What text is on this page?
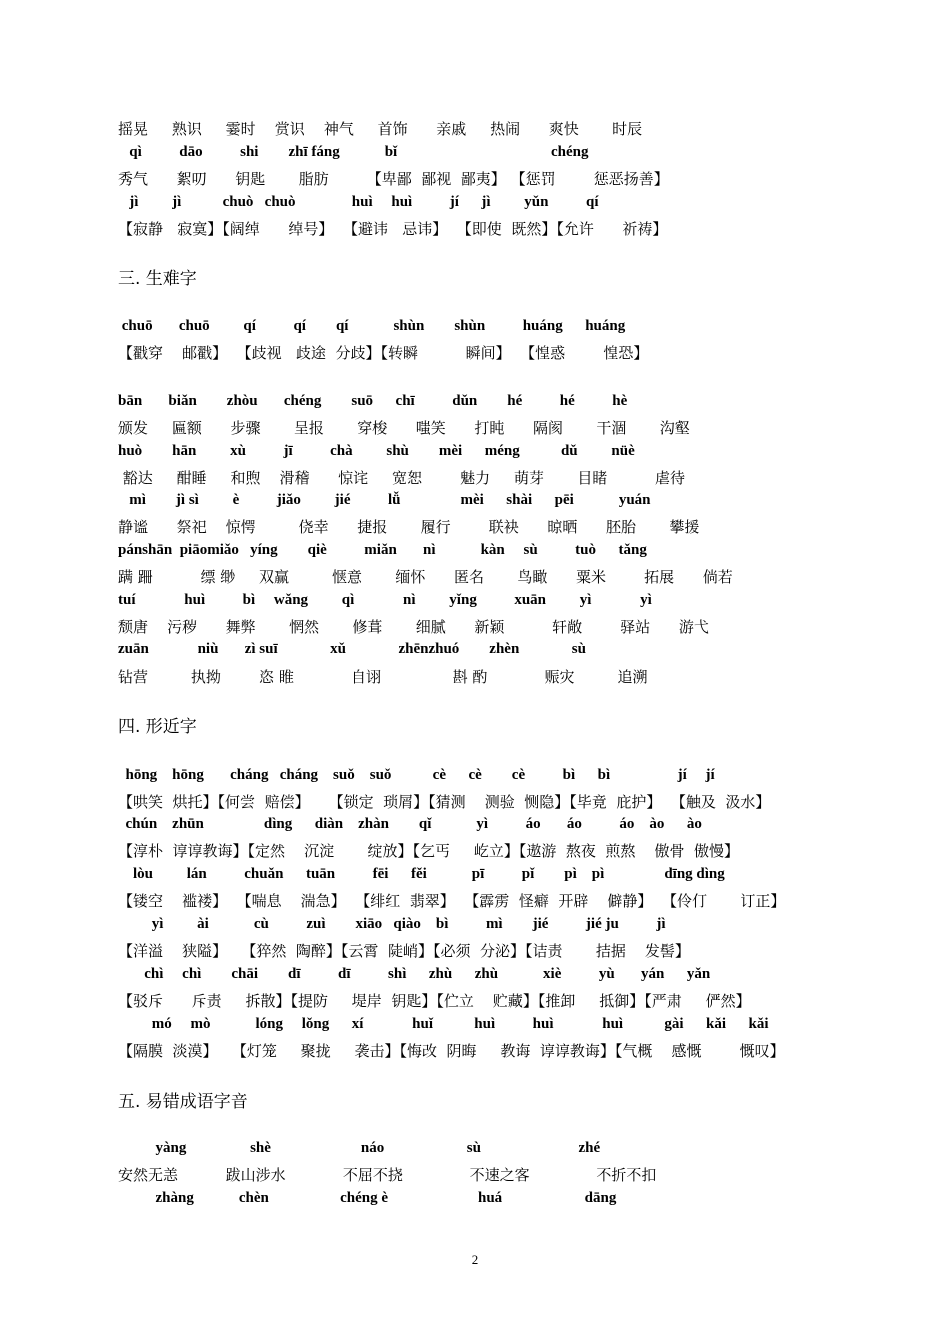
摇晃     熟识     霎时    赏识    神气     首饰      亲戚     热闹      爽快       时辰
qì          dāo          shi        zhī fáng            bǐ                                         chéng
秀气      絮叨      钥匙       脂肪        【卑鄙  鄙视  鄙夷】 【惩罚        惩恶扬善】
jì         jì           chuò   chuò               huì     huì          jí      jì         yǔn          qí
【寂静   寂寞】【阔绰      绰号】  【避讳   忌讳】  【即使  既然】【允许      祈祷】
三. 生难字
chuō       chuō         qí          qí        qí            shùn        shùn          huáng      huáng
【戳穿    邮戳】  【歧视   歧途  分歧】【转瞬          瞬间】  【惶惑        惶恐】
bān       biǎn        zhòu       chéng        suō      chī          dǔn        hé          hé          hè
颁发     匾额      步骤       呈报       穿梭      嗤笑      打盹      隔阂       干涸       沟壑
huò        hān         xù          jī          chà         shù        mèi      méng           dǔ         nüè
豁达     酣睡     和煦    滑稽      惊诧     宽恕        魅力     萌芽       目睹          虐待
mì        jì sì         è          jiǎo         jié          lǚ                mèi      shài      pēi            yuán
静谧      祭祀    惊愕         侥幸      捷报       履行        联袂      晾晒      胚胎       攀援
pánshān  piāomiǎo   yíng        qiè          miǎn       nì            kàn     sù          tuò      tǎng
蹒 跚          缥 缈     双赢         惬意       缅怀      匿名       鸟瞰      粟米        拓展      倘若
tuí             huì          bì     wǎng         qì             nì         yǐng          xuān         yì             yì
颓唐    污秽      舞弊       惘然       修葺       细腻      新颖          轩敞        驿站      游弋
zuān             niù       zì suī              xǔ              zhēnzhuó        zhèn              sù
钻营         执拗        恣 睢            自诩               斟 酌            赈灾         追溯
四. 形近字
hōng    hōng       cháng   cháng    suǒ    suǒ           cè      cè        cè          bì      bì                  jí     jí
【哄笑  烘托】【何尝  赔偿】    【锁定  琐屑】【猜测    测验  恻隐】【毕竟  庇护】  【触及  汲水】
chún    zhūn                dìng      diàn    zhàn        qǐ            yì          áo       áo          áo    ào      ào
【淳朴  谆谆教诲】【定然    沉淀       绽放】【乞丐     屹立】【遨游  熬夜  煎熬    傲骨  傲慢】
lòu         lán          chuǎn      tuān          fēi      fěi            pī          pǐ        pì    pì                dīng dìng
【镂空    褴褛】  【喘息    湍急】  【绯红  翡翠】  【霹雳  怪癖  开辟    僻静】  【伶仃       订正】
yì         ài            cù          zuì        xiāo   qiào    bì          mì        jié          jié ju          jì
【洋溢    狭隘】   【猝然  陶醉】【云霄  陡峭】【必须  分泌】【诘责       拮据    发髻】
chì     chì        chāi        dī          dī          shì      zhù      zhù            xiè          yù       yán      yǎn
【驳斥      斥责     拆散】【提防     堤岸  钥匙】【伫立    贮藏】【推卸     抵御】【严肃     俨然】
mó     mò            lóng     lǒng      xí             huǐ           huì          huì             huì           gài      kǎi      kǎi
【隔膜  淡漠】   【灯笼     聚拢     袭击】【悔改  阴晦     教诲  谆谆教诲】【气概    感慨        慨叹】
五. 易错成语字音
yàng                 shè                        náo                      sù                          zhé
安然无恙          跋山涉水            不屈不挠              不速之客              不折不扣
zhàng            chèn                   chéng è                        huá                      dāng
2
